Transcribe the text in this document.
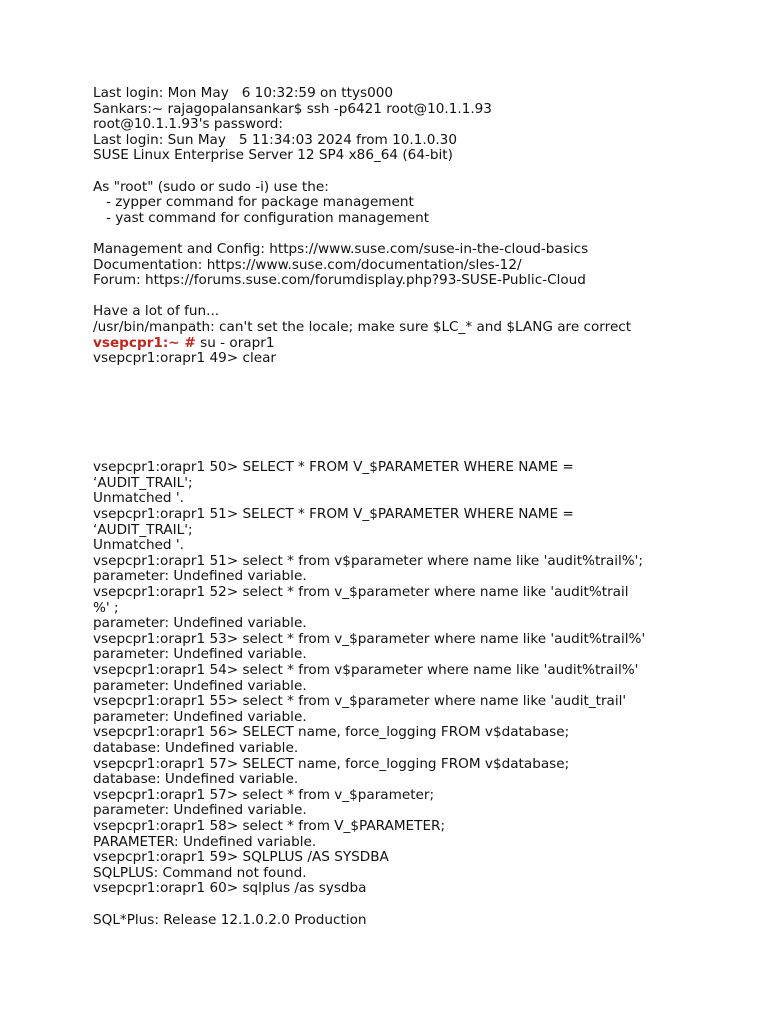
Last login: Mon May   6 10:32:59 on ttys000
Sankars:~ rajagopalansankar$ ssh -p6421 root@10.1.1.93
root@10.1.1.93's password:
Last login: Sun May   5 11:34:03 2024 from 10.1.0.30
SUSE Linux Enterprise Server 12 SP4 x86_64 (64-bit)
As "root" (sudo or sudo -i) use the:
- zypper command for package management
- yast command for configuration management
Management and Config: https://www.suse.com/suse-in-the-cloud-basics
Documentation: https://www.suse.com/documentation/sles-12/
Forum: https://forums.suse.com/forumdisplay.php?93-SUSE-Public-Cloud
Have a lot of fun...
/usr/bin/manpath: can't set the locale; make sure $LC_* and $LANG are correct
vsepcpr1:~ # su - orapr1
vsepcpr1:orapr1 49> clear
vsepcpr1:orapr1 50> SELECT * FROM V_$PARAMETER WHERE NAME =
‘AUDIT_TRAIL';
Unmatched '.
vsepcpr1:orapr1 51> SELECT * FROM V_$PARAMETER WHERE NAME =
‘AUDIT_TRAIL';
Unmatched '.
vsepcpr1:orapr1 51> select * from v$parameter where name like 'audit%trail%';
parameter: Undefined variable.
vsepcpr1:orapr1 52> select * from v_$parameter where name like 'audit%trail
%' ;
parameter: Undefined variable.
vsepcpr1:orapr1 53> select * from v_$parameter where name like 'audit%trail%'
parameter: Undefined variable.
vsepcpr1:orapr1 54> select * from v$parameter where name like 'audit%trail%'
parameter: Undefined variable.
vsepcpr1:orapr1 55> select * from v_$parameter where name like 'audit_trail'
parameter: Undefined variable.
vsepcpr1:orapr1 56> SELECT name, force_logging FROM v$database;
database: Undefined variable.
vsepcpr1:orapr1 57> SELECT name, force_logging FROM v$database;
database: Undefined variable.
vsepcpr1:orapr1 57> select * from v_$parameter;
parameter: Undefined variable.
vsepcpr1:orapr1 58> select * from V_$PARAMETER;
PARAMETER: Undefined variable.
vsepcpr1:orapr1 59> SQLPLUS /AS SYSDBA
SQLPLUS: Command not found.
vsepcpr1:orapr1 60> sqlplus /as sysdba
SQL*Plus: Release 12.1.0.2.0 Production
